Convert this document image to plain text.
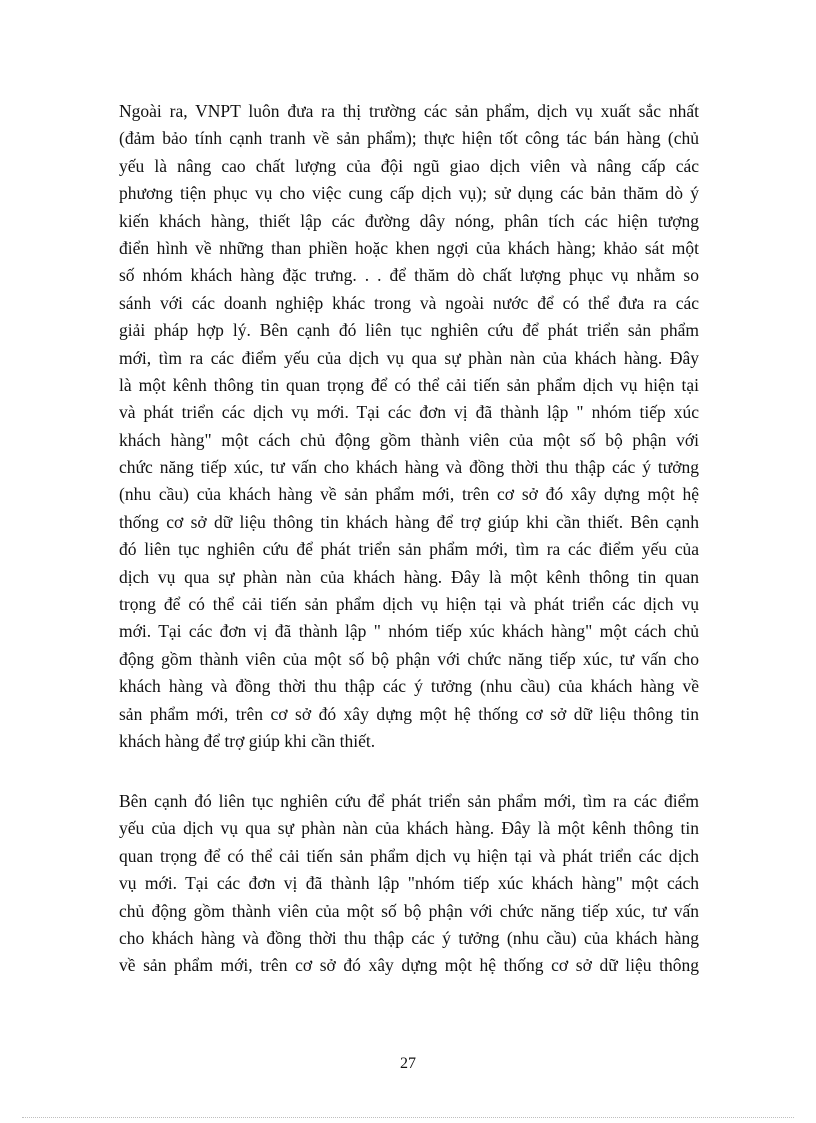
Ngoài ra, VNPT luôn đưa ra thị trường các sản phẩm, dịch vụ xuất sắc nhất
(đảm bảo tính cạnh tranh về sản phẩm); thực hiện tốt công tác bán hàng (chủ
yếu là nâng cao chất lượng của đội ngũ giao dịch viên và nâng cấp các
phương tiện phục vụ cho việc cung cấp dịch vụ); sử dụng các bản thăm dò ý
kiến khách hàng, thiết lập các đường dây nóng, phân tích các hiện tượng
điển hình về những than phiền hoặc khen ngợi của khách hàng; khảo sát một
số nhóm khách hàng đặc trưng. . . để thăm dò chất lượng phục vụ nhằm so
sánh với các doanh nghiệp khác trong và ngoài nước để có thể đưa ra các
giải pháp hợp lý. Bên cạnh đó liên tục nghiên cứu để phát triển sản phẩm
mới, tìm ra các điểm yếu của dịch vụ qua sự phàn nàn của khách hàng. Đây
là một kênh thông tin quan trọng để có thể cải tiến sản phẩm dịch vụ hiện tại
và phát triển các dịch vụ mới. Tại các đơn vị đã thành lập " nhóm tiếp xúc
khách hàng" một cách chủ động gồm thành viên của một số bộ phận với
chức năng tiếp xúc, tư vấn cho khách hàng và đồng thời thu thập các ý tưởng
(nhu cầu) của khách hàng về sản phẩm mới, trên cơ sở đó xây dựng một hệ
thống cơ sở dữ liệu thông tin khách hàng để trợ giúp khi cần thiết. Bên cạnh
đó liên tục nghiên cứu để phát triển sản phẩm mới, tìm ra các điểm yếu của
dịch vụ qua sự phàn nàn của khách hàng. Đây là một kênh thông tin quan
trọng để có thể cải tiến sản phẩm dịch vụ hiện tại và phát triển các dịch vụ
mới. Tại các đơn vị đã thành lập " nhóm tiếp xúc khách hàng" một cách chủ
động gồm thành viên của một số bộ phận với chức năng tiếp xúc, tư vấn cho
khách hàng và đồng thời thu thập các ý tưởng (nhu cầu) của khách hàng về
sản phẩm mới, trên cơ sở đó xây dựng một hệ thống cơ sở dữ liệu thông tin
khách hàng để trợ giúp khi cần thiết.
Bên cạnh đó liên tục nghiên cứu để phát triển sản phẩm mới, tìm ra các điểm
yếu của dịch vụ qua sự phàn nàn của khách hàng. Đây là một kênh thông tin
quan trọng để có thể cải tiến sản phẩm dịch vụ hiện tại và phát triển các dịch
vụ mới. Tại các đơn vị đã thành lập "nhóm tiếp xúc khách hàng" một cách
chủ động gồm thành viên của một số bộ phận với chức năng tiếp xúc, tư vấn
cho khách hàng và đồng thời thu thập các ý tưởng (nhu cầu) của khách hàng
về sản phẩm mới, trên cơ sở đó xây dựng một hệ thống cơ sở dữ liệu thông
27
